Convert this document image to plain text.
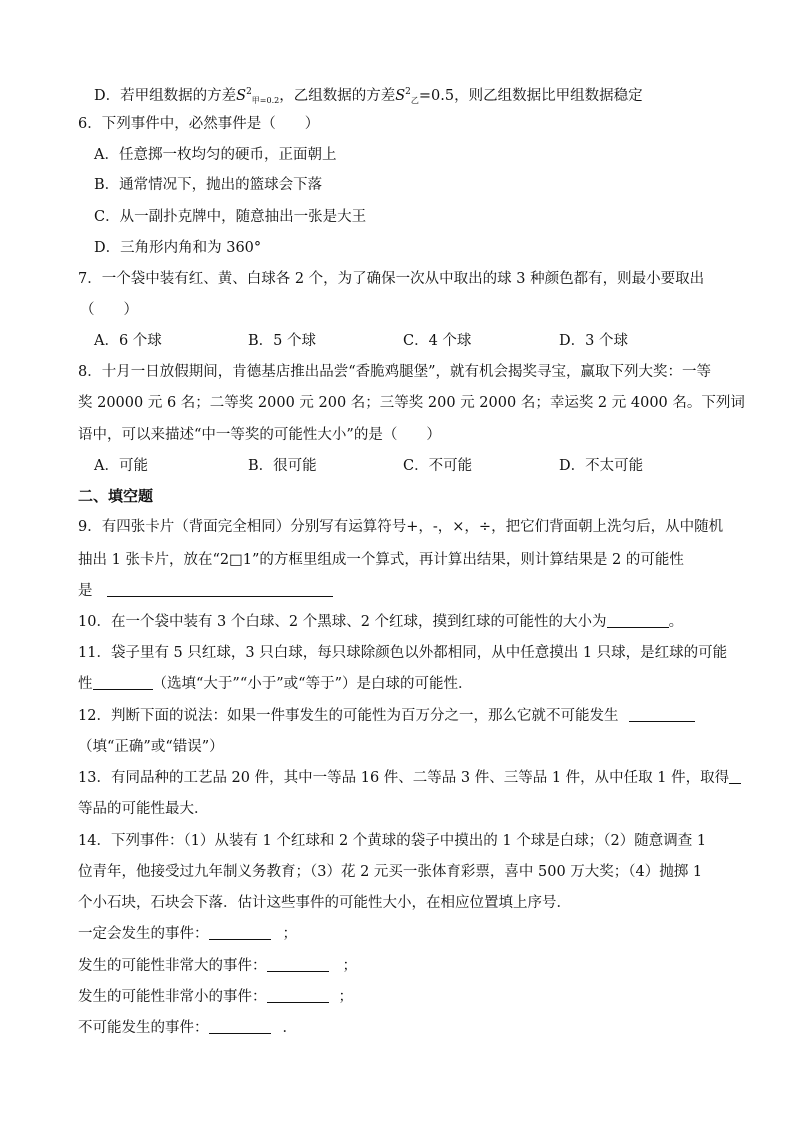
D．若甲组数据的方差$S^2_{甲=0.2}$，乙组数据的方差$S^2_乙=0.5$，则乙组数据比甲组数据稳定
6．下列事件中，必然事件是（　　）
A．任意掷一枚均匀的硬币，正面朝上
B．通常情况下，抛出的篮球会下落
C．从一副扑克牌中，随意抽出一张是大王
D．三角形内角和为 360°
7．一个袋中装有红、黄、白球各 2 个，为了确保一次从中取出的球 3 种颜色都有，则最小要取出
（　　）
A．6 个球	B．5 个球	C．4 个球	D．3 个球
8．十月一日放假期间，肯德基店推出品尝“香脆鸡腿堡”，就有机会揭奖寻宝，赢取下列大奖：一等
奖 20000 元 6 名；二等奖 2000 元 200 名；三等奖 200 元 2000 名；幸运奖 2 元 4000 名。下列词
语中，可以来描述“中一等奖的可能性大小”的是（　　）
A．可能	B．很可能	C．不可能	D．不太可能
二、填空题
9．有四张卡片（背面完全相同）分别写有运算符号+，-，×，÷，把它们背面朝上洗匀后，从中随机
抽出 1 张卡片，放在“2□1”的方框里组成一个算式，再计算出结果，则计算结果是 2 的可能性
是
10．在一个袋中装有 3 个白球、2 个黑球、2 个红球，摸到红球的可能性的大小为	。
11．袋子里有 5 只红球，3 只白球，每只球除颜色以外都相同，从中任意摸出 1 只球，是红球的可能
性	（选填“大于”“小于”或“等于”）是白球的可能性．
12．判断下面的说法：如果一件事发生的可能性为百万分之一，那么它就不可能发生
（填“正确”或“错误”）
13．有同品种的工艺品 20 件，其中一等品 16 件、二等品 3 件、三等品 1 件，从中任取 1 件，取得
等品的可能性最大．
14．下列事件：（1）从装有 1 个红球和 2 个黄球的袋子中摸出的 1 个球是白球；（2）随意调查 1
位青年，他接受过九年制义务教育；（3）花 2 元买一张体育彩票，喜中 500 万大奖；（4）抛掷 1
个小石块，石块会下落．估计这些事件的可能性大小，在相应位置填上序号．
一定会发生的事件：	；
发生的可能性非常大的事件：	；
发生的可能性非常小的事件：	；
不可能发生的事件：	．
